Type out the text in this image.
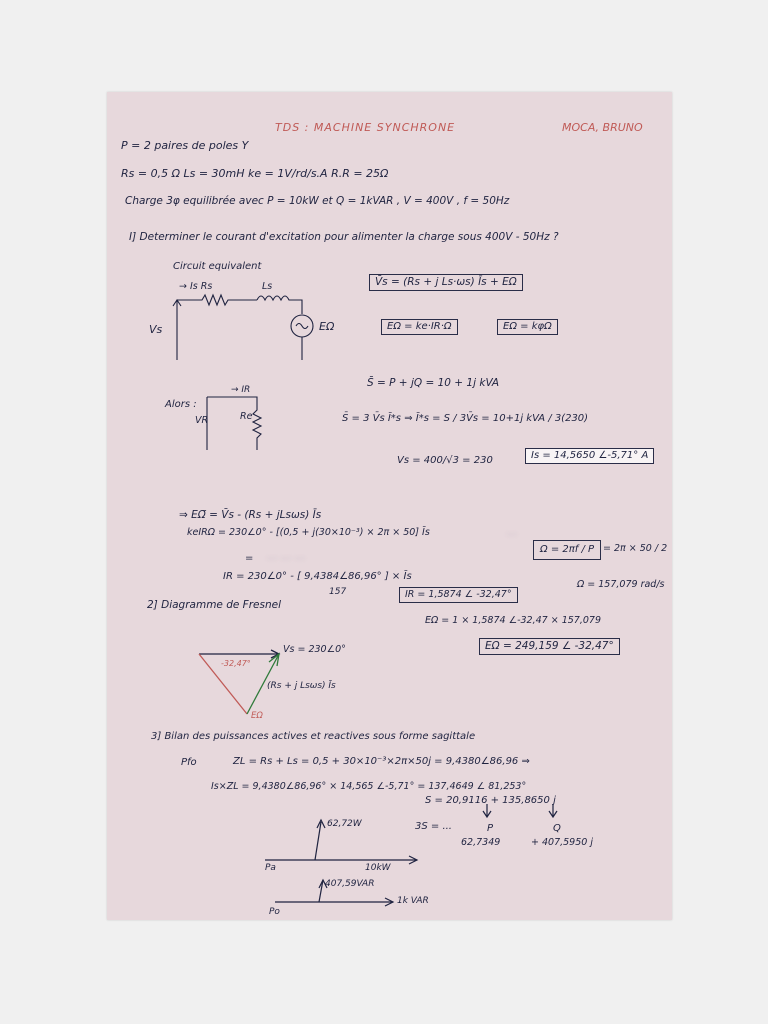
TDS : MACHINE SYNCHRONE	MOCA, BRUNO
P = 2 paires de poles Y
Rs = 0,5 Ω Ls = 30mH ke = 1V/rd/s.A R.R = 25Ω
Charge 3φ equilibrée avec P = 10kW et Q = 1kVAR , V = 400V , f = 50Hz
I] Determiner le courant d'excitation pour alimenter la charge sous 400V - 50Hz ?
Circuit equivalent
→ Is Rs	Ls
Vs	EΩ
V̄s = (Rs + j Ls·ωs) Īs + EΩ
EΩ = ke·IR·Ω	EΩ = kφΩ
Alors :
→ IR
VR	Re
S̄ = P + jQ = 10 + 1j kVA
S̄ = 3 V̄s Ī*s ⇒ Ī*s = S / 3V̄s = 10+1j kVA / 3(230)
Vs = 400/√3 = 230	Is = 14,5650 ∠-5,71° A
⇒ EΩ̄ = V̄s - (Rs + jLsωs) Īs
keIRΩ = 230∠0° - [(0,5 + j(30×10⁻³) × 2π × 50] Īs	...
= ... ... ...
IR = 230∠0° - [ 9,4384∠86,96° ] × Īs
157	IR = 1,5874 ∠ -32,47°
Ω = 2πf / P = 2π × 50 / 2
Ω = 157,079 rad/s
2] Diagramme de Fresnel
EΩ = 1 × 1,5874 ∠-32,47 × 157,079
EΩ = 249,159 ∠ -32,47°
Vs = 230∠0°
(Rs + j Lsωs) Īs
-32,47°
EΩ
3] Bilan des puissances actives et reactives sous forme sagittale
Pfo	ZL = Rs + Ls = 0,5 + 30×10⁻³×2π×50j = 9,4380∠86,96 ⇒
Is×ZL = 9,4380∠86,96° × 14,565 ∠-5,71° = 137,4649 ∠ 81,253°
S = 20,9116 + 135,8650 j
3S = ...	P	Q
62,7349	+ 407,5950 j
62,72W
Pa	10kW
407,59VAR
1k VAR
Po
